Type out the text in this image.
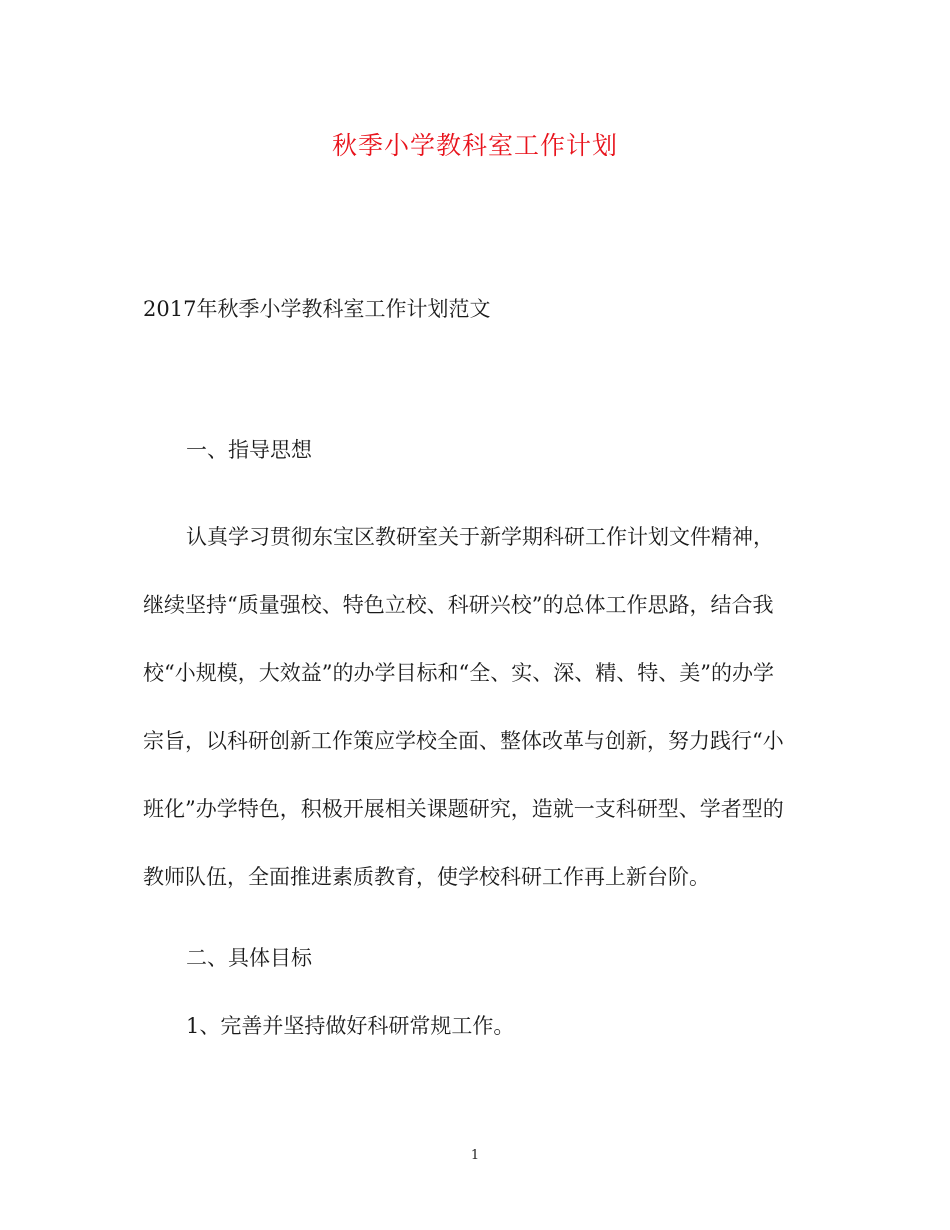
秋季小学教科室工作计划
2017年秋季小学教科室工作计划范文
一、指导思想
认真学习贯彻东宝区教研室关于新学期科研工作计划文件精神，
继续坚持“质量强校、特色立校、科研兴校”的总体工作思路，结合我
校“小规模，大效益”的办学目标和“全、实、深、精、特、美”的办学
宗旨，以科研创新工作策应学校全面、整体改革与创新，努力践行“小
班化”办学特色，积极开展相关课题研究，造就一支科研型、学者型的
教师队伍，全面推进素质教育，使学校科研工作再上新台阶。
二、具体目标
1、完善并坚持做好科研常规工作。
1
